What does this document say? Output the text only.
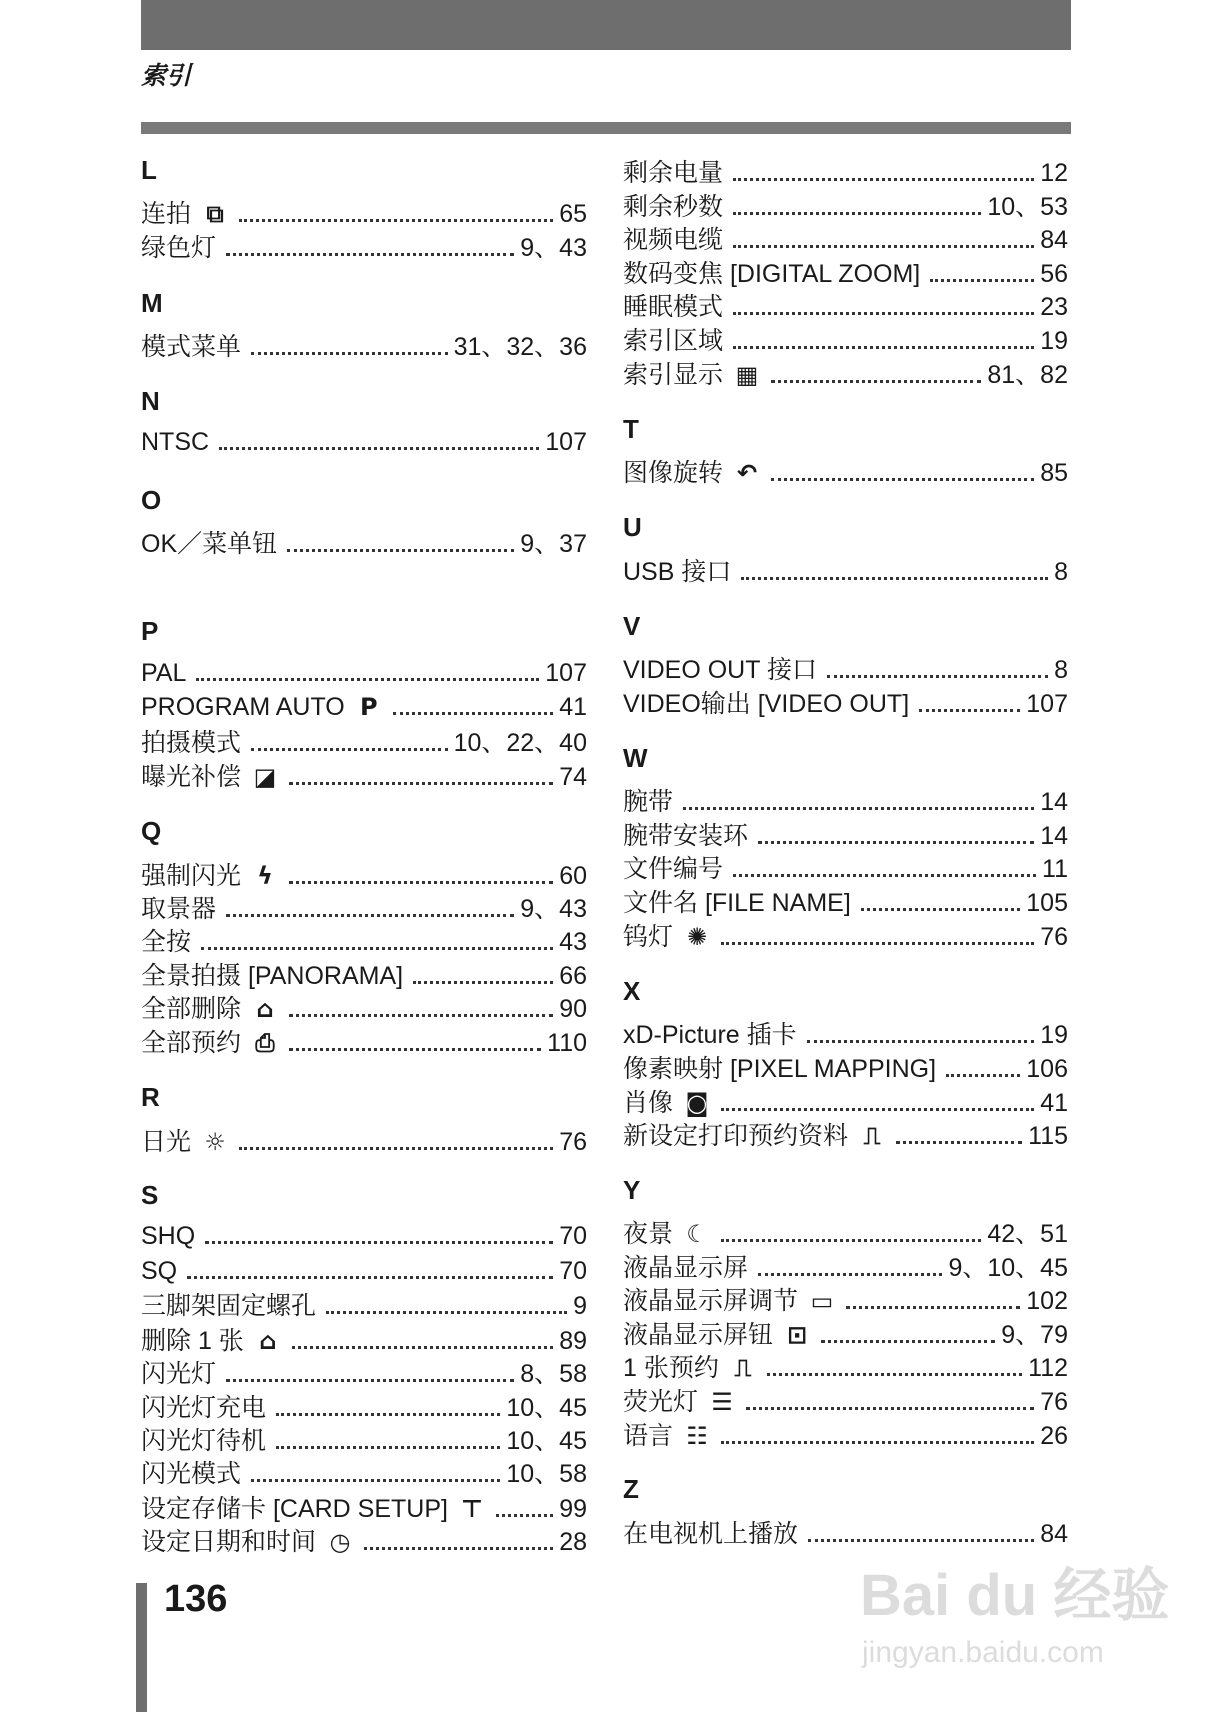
索引
L
连拍 ⧉	65
绿色灯	9、43
M
模式菜单	31、32、36
N
NTSC	107
O
OK／菜单钮	9、37
P
PAL	107
PROGRAM AUTO P	41
拍摄模式	10、22、40
曝光补偿 ◪	74
Q
强制闪光 ϟ	60
取景器	9、43
全按	43
全景拍摄 [PANORAMA]	66
全部删除 ⌂	90
全部预约 ⎙	110
R
日光 ☼	76
S
SHQ	70
SQ	70
三脚架固定螺孔	9
删除 1 张 ⌂	89
闪光灯	8、58
闪光灯充电	10、45
闪光灯待机	10、45
闪光模式	10、58
设定存储卡 [CARD SETUP] ⊤	99
设定日期和时间 ◷	28
剩余电量	12
剩余秒数	10、53
视频电缆	84
数码变焦 [DIGITAL ZOOM]	56
睡眠模式	23
索引区域	19
索引显示 ▦	81、82
T
图像旋转 ↶	85
U
USB 接口	8
V
VIDEO OUT 接口	8
VIDEO输出 [VIDEO OUT]	107
W
腕带	14
腕带安装环	14
文件编号	11
文件名 [FILE NAME]	105
钨灯 ✺	76
X
xD-Picture 插卡	19
像素映射 [PIXEL MAPPING]	106
肖像 ◙	41
新设定打印预约资料 ⎍	115
Y
夜景 ☾	42、51
液晶显示屏	9、10、45
液晶显示屏调节 ▭	102
液晶显示屏钮 ⊡	9、79
1 张预约 ⎍	112
荧光灯 ☰	76
语言 ☷	26
Z
在电视机上播放	84
136	Bai du 经验
jingyan.baidu.com
